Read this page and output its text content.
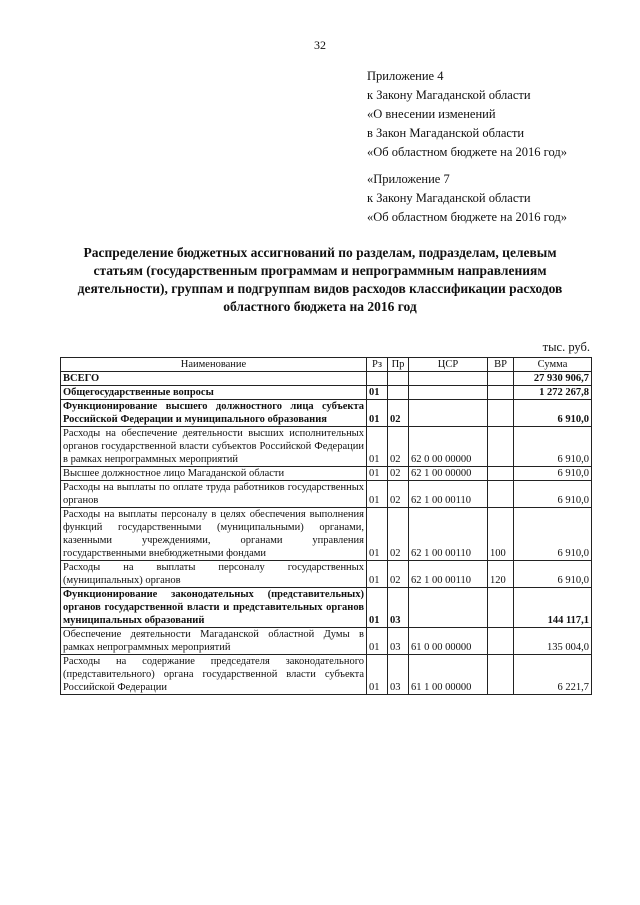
32
Приложение 4
к Закону Магаданской области
«О внесении изменений
в Закон Магаданской области
«Об областном бюджете на 2016 год»
«Приложение 7
к Закону Магаданской области
«Об областном бюджете на 2016 год»
Распределение бюджетных ассигнований по разделам, подразделам, целевым статьям (государственным программам и непрограммным направлениям деятельности), группам и подгруппам видов расходов классификации расходов областного бюджета на 2016 год
тыс. руб.
Наименование	Рз	Пр	ЦСР	ВР	Сумма
ВСЕГО					27 930 906,7
Общегосударственные вопросы	01				1 272 267,8
Функционирование высшего должностного лица субъекта Российской Федерации и муниципального образования	01	02			6 910,0
Расходы на обеспечение деятельности высших исполнительных органов государственной власти субъектов Российской Федерации в рамках непрограммных мероприятий	01	02	62 0 00 00000		6 910,0
Высшее должностное лицо Магаданской области	01	02	62 1 00 00000		6 910,0
Расходы на выплаты по оплате труда работников государственных органов	01	02	62 1 00 00110		6 910,0
Расходы на выплаты персоналу в целях обеспечения выполнения функций государственными (муниципальными) органами, казенными учреждениями, органами управления государственными внебюджетными фондами	01	02	62 1 00 00110	100	6 910,0
Расходы на выплаты персоналу государственных (муниципальных) органов	01	02	62 1 00 00110	120	6 910,0
Функционирование законодательных (представительных) органов государственной власти и представительных органов муниципальных образований	01	03			144 117,1
Обеспечение деятельности Магаданской областной Думы в рамках непрограммных мероприятий	01	03	61 0 00 00000		135 004,0
Расходы на содержание председателя законодательного (представительного) органа государственной власти субъекта Российской Федерации	01	03	61 1 00 00000		6 221,7
